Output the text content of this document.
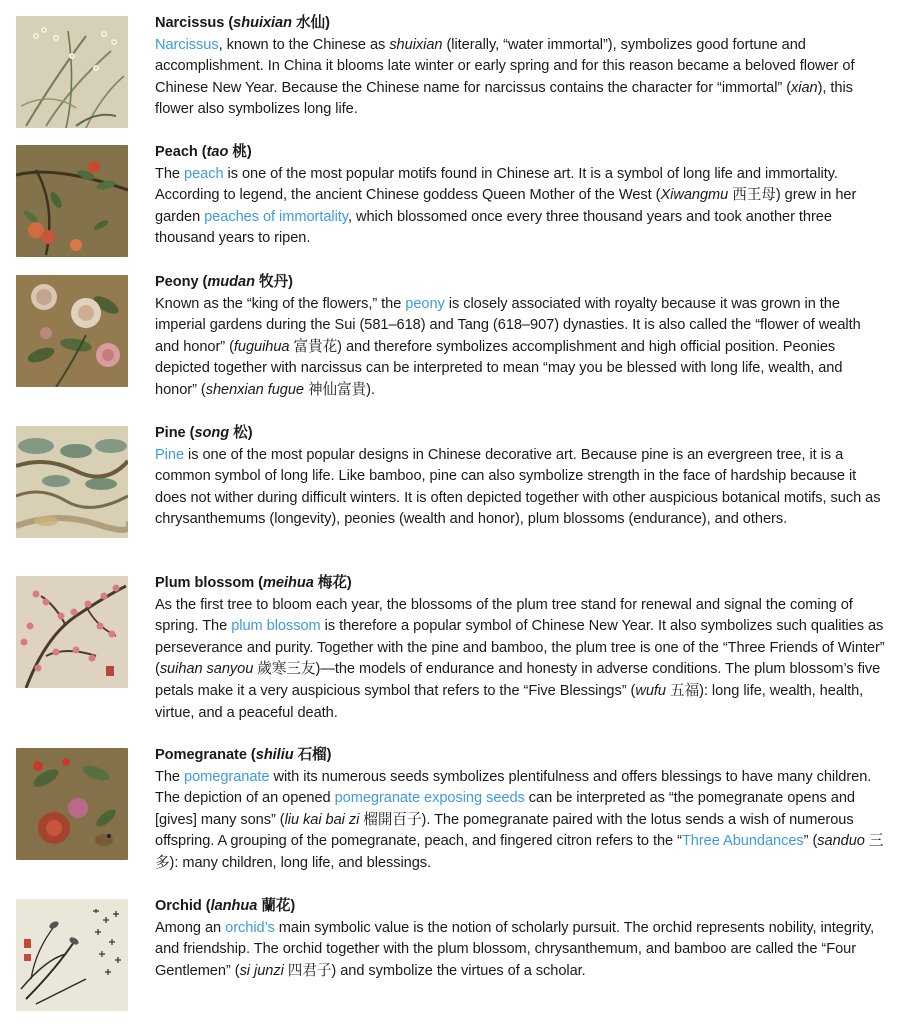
Narcissus (shuixian 水仙)
Narcissus, known to the Chinese as shuixian (literally, “water immortal”), symbolizes good fortune and accomplishment. In China it blooms late winter or early spring and for this reason became a beloved flower of Chinese New Year. Because the Chinese name for narcissus contains the character for “immortal” (xian), this flower also symbolizes long life.
Peach (tao 桃)
The peach is one of the most popular motifs found in Chinese art. It is a symbol of long life and immortality. According to legend, the ancient Chinese goddess Queen Mother of the West (Xiwangmu 西王母) grew in her garden peaches of immortality, which blossomed once every three thousand years and took another three thousand years to ripen.
Peony (mudan 牧丹)
Known as the “king of the flowers,” the peony is closely associated with royalty because it was grown in the imperial gardens during the Sui (581–618) and Tang (618–907) dynasties. It is also called the “flower of wealth and honor” (fuguihua 富貴花) and therefore symbolizes accomplishment and high official position. Peonies depicted together with narcissus can be interpreted to mean “may you be blessed with long life, wealth, and honor” (shenxian fugue 神仙富貴).
Pine (song 松)
Pine is one of the most popular designs in Chinese decorative art. Because pine is an evergreen tree, it is a common symbol of long life. Like bamboo, pine can also symbolize strength in the face of hardship because it does not wither during difficult winters. It is often depicted together with other auspicious botanical motifs, such as chrysanthemums (longevity), peonies (wealth and honor), plum blossoms (endurance), and others.
Plum blossom (meihua 梅花)
As the first tree to bloom each year, the blossoms of the plum tree stand for renewal and signal the coming of spring. The plum blossom is therefore a popular symbol of Chinese New Year. It also symbolizes such qualities as perseverance and purity. Together with the pine and bamboo, the plum tree is one of the “Three Friends of Winter” (suihan sanyou 歲寒三友)—the models of endurance and honesty in adverse conditions. The plum blossom’s five petals make it a very auspicious symbol that refers to the “Five Blessings” (wufu 五福): long life, wealth, health, virtue, and a peaceful death.
Pomegranate (shiliu 石榴)
The pomegranate with its numerous seeds symbolizes plentifulness and offers blessings to have many children. The depiction of an opened pomegranate exposing seeds can be interpreted as “the pomegranate opens and [gives] many sons” (liu kai bai zi 榴開百子). The pomegranate paired with the lotus sends a wish of numerous offspring. A grouping of the pomegranate, peach, and fingered citron refers to the “Three Abundances” (sanduo 三多): many children, long life, and blessings.
Orchid (lanhua 蘭花)
Among an orchid’s main symbolic value is the notion of scholarly pursuit. The orchid represents nobility, integrity, and friendship. The orchid together with the plum blossom, chrysanthemum, and bamboo are called the “Four Gentlemen” (si junzi 四君子) and symbolize the virtues of a scholar.
